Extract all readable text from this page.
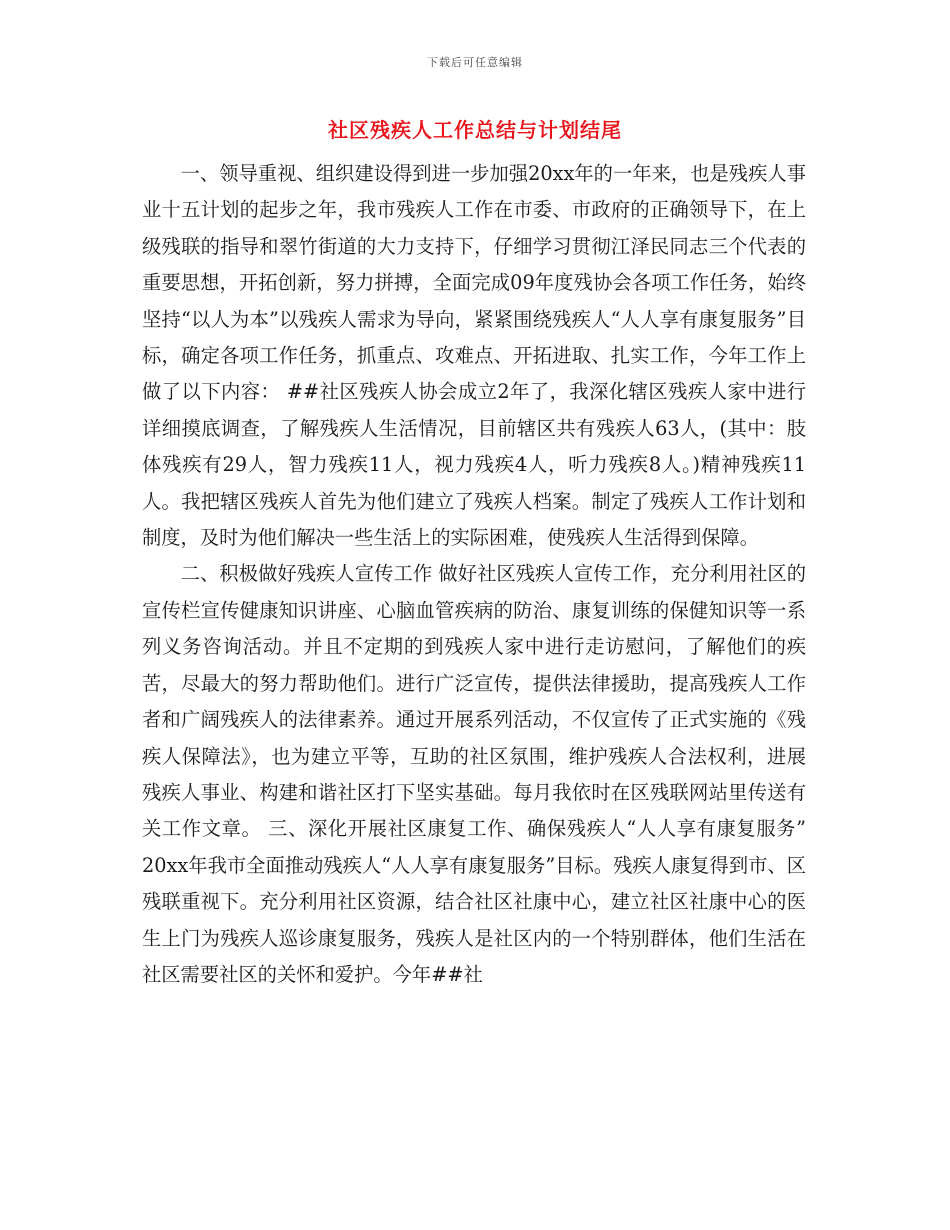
下载后可任意编辑
社区残疾人工作总结与计划结尾

一、领导重视、组织建设得到进一步加强20xx年的一年来，也是残疾人事业十五计划的起步之年，我市残疾人工作在市委、市政府的正确领导下，在上级残联的指导和翠竹街道的大力支持下，仔细学习贯彻江泽民同志三个代表的重要思想，开拓创新，努力拼搏，全面完成09年度残协会各项工作任务，始终坚持“以人为本”以残疾人需求为导向，紧紧围绕残疾人“人人享有康复服务”目标，确定各项工作任务，抓重点、攻难点、开拓进取、扎实工作，今年工作上做了以下内容： ##社区残疾人协会成立2年了，我深化辖区残疾人家中进行详细摸底调查，了解残疾人生活情况，目前辖区共有残疾人63人，(其中：肢体残疾有29人，智力残疾11人，视力残疾4人，听力残疾8人。)精神残疾11人。我把辖区残疾人首先为他们建立了残疾人档案。制定了残疾人工作计划和制度，及时为他们解决一些生活上的实际困难，使残疾人生活得到保障。

二、积极做好残疾人宣传工作 做好社区残疾人宣传工作，充分利用社区的宣传栏宣传健康知识讲座、心脑血管疾病的防治、康复训练的保健知识等一系列义务咨询活动。并且不定期的到残疾人家中进行走访慰问，了解他们的疾苦，尽最大的努力帮助他们。进行广泛宣传，提供法律援助，提高残疾人工作者和广阔残疾人的法律素养。通过开展系列活动，不仅宣传了正式实施的《残疾人保障法》，也为建立平等，互助的社区氛围，维护残疾人合法权利，进展残疾人事业、构建和谐社区打下坚实基础。每月我依时在区残联网站里传送有关工作文章。 三、深化开展社区康复工作、确保残疾人“人人享有康复服务” 20xx年我市全面推动残疾人“人人享有康复服务”目标。残疾人康复得到市、区残联重视下。充分利用社区资源，结合社区社康中心，建立社区社康中心的医生上门为残疾人巡诊康复服务，残疾人是社区内的一个特别群体，他们生活在社区需要社区的关怀和爱护。今年##社
